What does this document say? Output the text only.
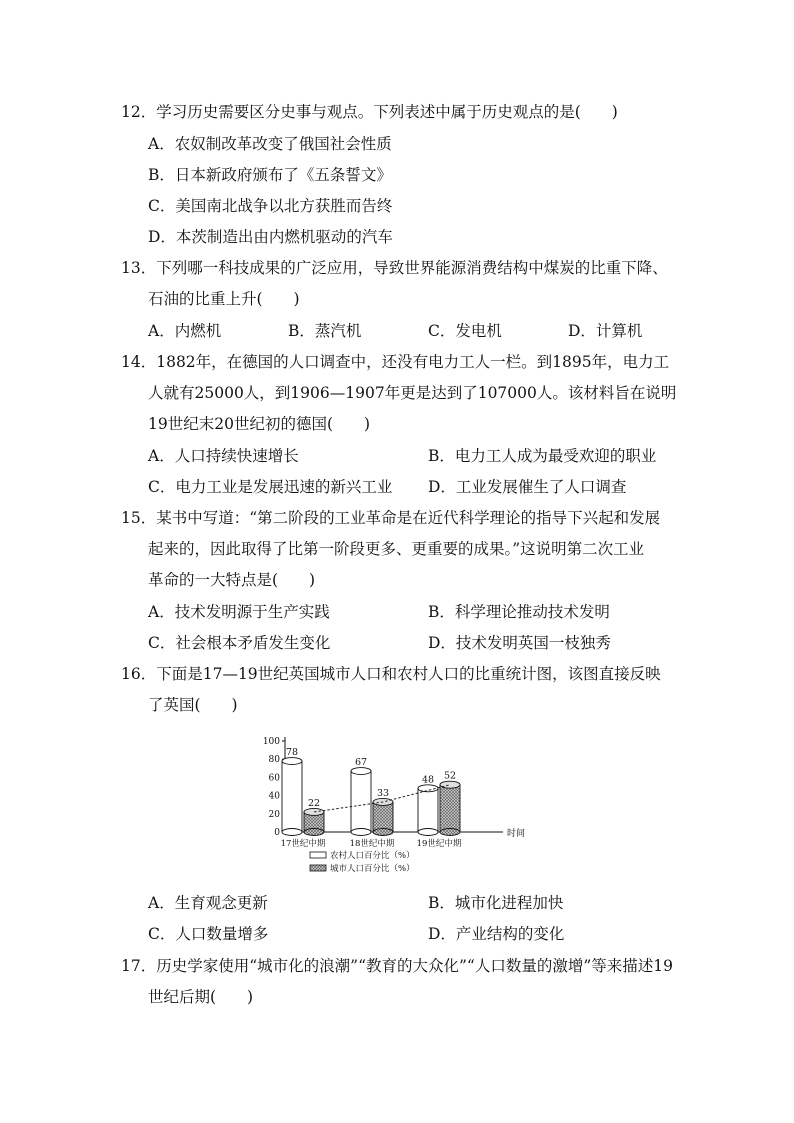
12．学习历史需要区分史事与观点。下列表述中属于历史观点的是(　　)
A．农奴制改革改变了俄国社会性质
B．日本新政府颁布了《五条誓文》
C．美国南北战争以北方获胜而告终
D．本茨制造出由内燃机驱动的汽车
13．下列哪一科技成果的广泛应用，导致世界能源消费结构中煤炭的比重下降、
石油的比重上升(　　)
A．内燃机	B．蒸汽机	C．发电机	D．计算机
14．1882年，在德国的人口调查中，还没有电力工人一栏。到1895年，电力工
人就有25000人，到1906—1907年更是达到了107000人。该材料旨在说明
19世纪末20世纪初的德国(　　)
A．人口持续快速增长	B．电力工人成为最受欢迎的职业
C．电力工业是发展迅速的新兴工业 D．工业发展催生了人口调查
15．某书中写道：“第二阶段的工业革命是在近代科学理论的指导下兴起和发展
起来的，因此取得了比第一阶段更多、更重要的成果。”这说明第二次工业
革命的一大特点是(　　)
A．技术发明源于生产实践	B．科学理论推动技术发明
C．社会根本矛盾发生变化	D．技术发明英国一枝独秀
16．下面是17—19世纪英国城市人口和农村人口的比重统计图，该图直接反映
了英国(　　)
0
20
40
60
80
100
时间
78
22
17世纪中期
67
33
18世纪中期
48 52
19世纪中期
农村人口百分比（%）
城市人口百分比（%）
A．生育观念更新	B．城市化进程加快
C．人口数量增多	D．产业结构的变化
17．历史学家使用“城市化的浪潮”“教育的大众化”“人口数量的激增”等来描述19
世纪后期(　　)
